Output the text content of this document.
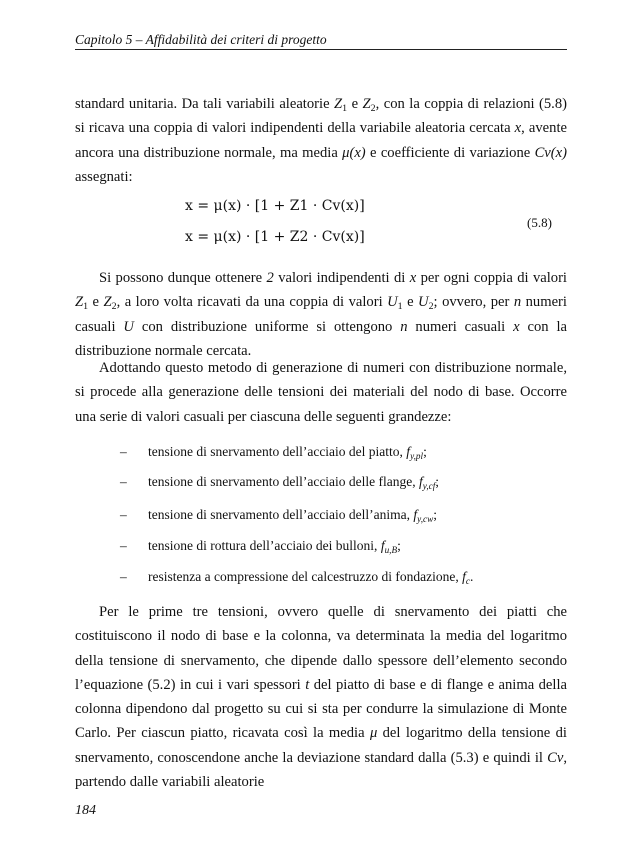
Capitolo 5 – Affidabilità dei criteri di progetto
standard unitaria. Da tali variabili aleatorie $Z_1$ e $Z_2$, con la coppia di relazioni (5.8) si ricava una coppia di valori indipendenti della variabile aleatoria cercata x, avente ancora una distribuzione normale, ma media μ(x) e coefficiente di variazione Cv(x) assegnati:
x = μ(x) · [1 + Z1 · Cv(x)]
x = μ(x) · [1 + Z2 · Cv(x)]
(5.8)
Si possono dunque ottenere 2 valori indipendenti di x per ogni coppia di valori $Z_1$ e $Z_2$, a loro volta ricavati da una coppia di valori $U_1$ e $U_2$; ovvero, per n numeri casuali U con distribuzione uniforme si ottengono n numeri casuali x con la distribuzione normale cercata.
Adottando questo metodo di generazione di numeri con distribuzione normale, si procede alla generazione delle tensioni dei materiali del nodo di base. Occorre una serie di valori casuali per ciascuna delle seguenti grandezze:
– tensione di snervamento dell’acciaio del piatto, $f_{y,pl}$;
– tensione di snervamento dell’acciaio delle flange, $f_{y,cf}$;
– tensione di snervamento dell’acciaio dell’anima, $f_{y,cw}$;
– tensione di rottura dell’acciaio dei bulloni, $f_{u,B}$;
– resistenza a compressione del calcestruzzo di fondazione, $f_c$.
Per le prime tre tensioni, ovvero quelle di snervamento dei piatti che costituiscono il nodo di base e la colonna, va determinata la media del logaritmo della tensione di snervamento, che dipende dallo spessore dell’elemento secondo l’equazione (5.2) in cui i vari spessori t del piatto di base e di flange e anima della colonna dipendono dal progetto su cui si sta per condurre la simulazione di Monte Carlo. Per ciascun piatto, ricavata così la media μ del logaritmo della tensione di snervamento, conoscendone anche la deviazione standard dalla (5.3) e quindi il Cv, partendo dalle variabili aleatorie
184
